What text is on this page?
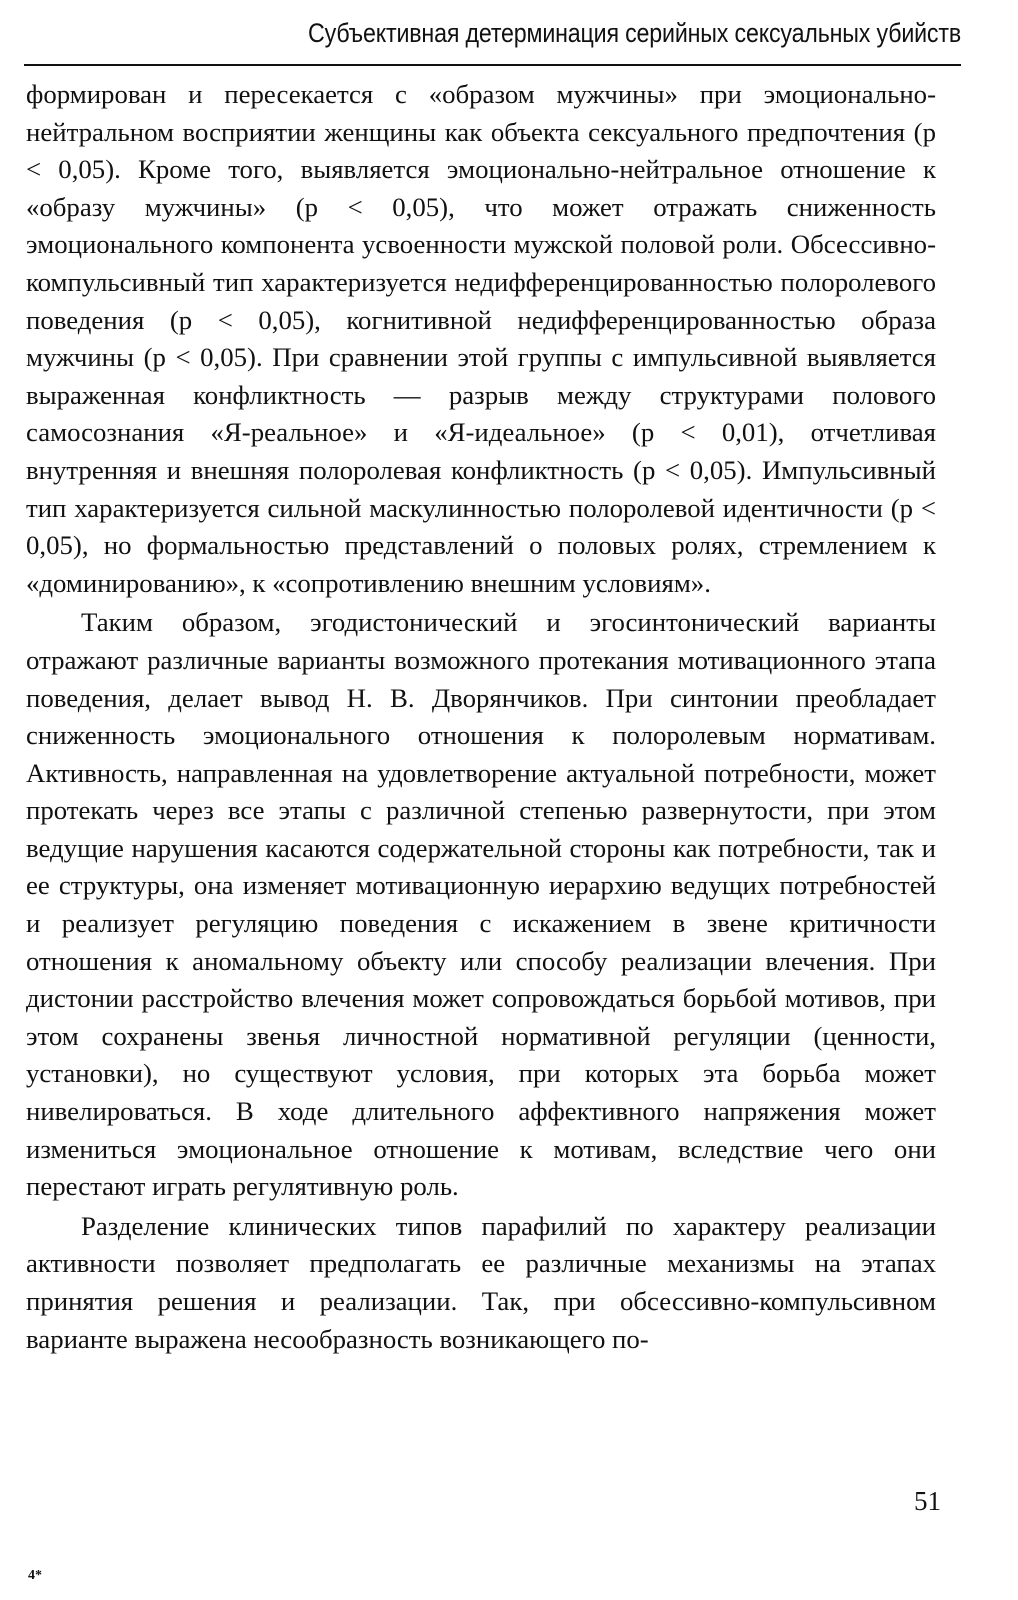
Субъективная детерминация серийных сексуальных убийств

формирован и пересекается с «образом мужчины» при эмоционально-нейтральном восприятии женщины как объекта сексуального предпочтения (p < 0,05). Кроме того, выявляется эмоционально-нейтральное отношение к «образу мужчины» (p < 0,05), что может отражать сниженность эмоционального компонента усвоенности мужской половой роли. Обсессивно-компульсивный тип характеризуется недифференцированностью полоролевого поведения (p < 0,05), когнитивной недифференцированностью образа мужчины (p < 0,05). При сравнении этой группы с импульсивной выявляется выраженная конфликтность — разрыв между структурами полового самосознания «Я-реальное» и «Я-идеальное» (p < 0,01), отчетливая внутренняя и внешняя полоролевая конфликтность (p < 0,05). Импульсивный тип характеризуется сильной маскулинностью полоролевой идентичности (p < 0,05), но формальностью представлений о половых ролях, стремлением к «доминированию», к «сопротивлению внешним условиям».

Таким образом, эгодистонический и эгосинтонический варианты отражают различные варианты возможного протекания мотивационного этапа поведения, делает вывод Н. В. Дворянчиков. При синтонии преобладает сниженность эмоционального отношения к полоролевым нормативам. Активность, направленная на удовлетворение актуальной потребности, может протекать через все этапы с различной степенью развернутости, при этом ведущие нарушения касаются содержательной стороны как потребности, так и ее структуры, она изменяет мотивационную иерархию ведущих потребностей и реализует регуляцию поведения с искажением в звене критичности отношения к аномальному объекту или способу реализации влечения. При дистонии расстройство влечения может сопровождаться борьбой мотивов, при этом сохранены звенья личностной нормативной регуляции (ценности, установки), но существуют условия, при которых эта борьба может нивелироваться. В ходе длительного аффективного напряжения может измениться эмоциональное отношение к мотивам, вследствие чего они перестают играть регулятивную роль.

Разделение клинических типов парафилий по характеру реализации активности позволяет предполагать ее различные механизмы на этапах принятия решения и реализации. Так, при обсессивно-компульсивном варианте выражена несообразность возникающего по-

51
4*
